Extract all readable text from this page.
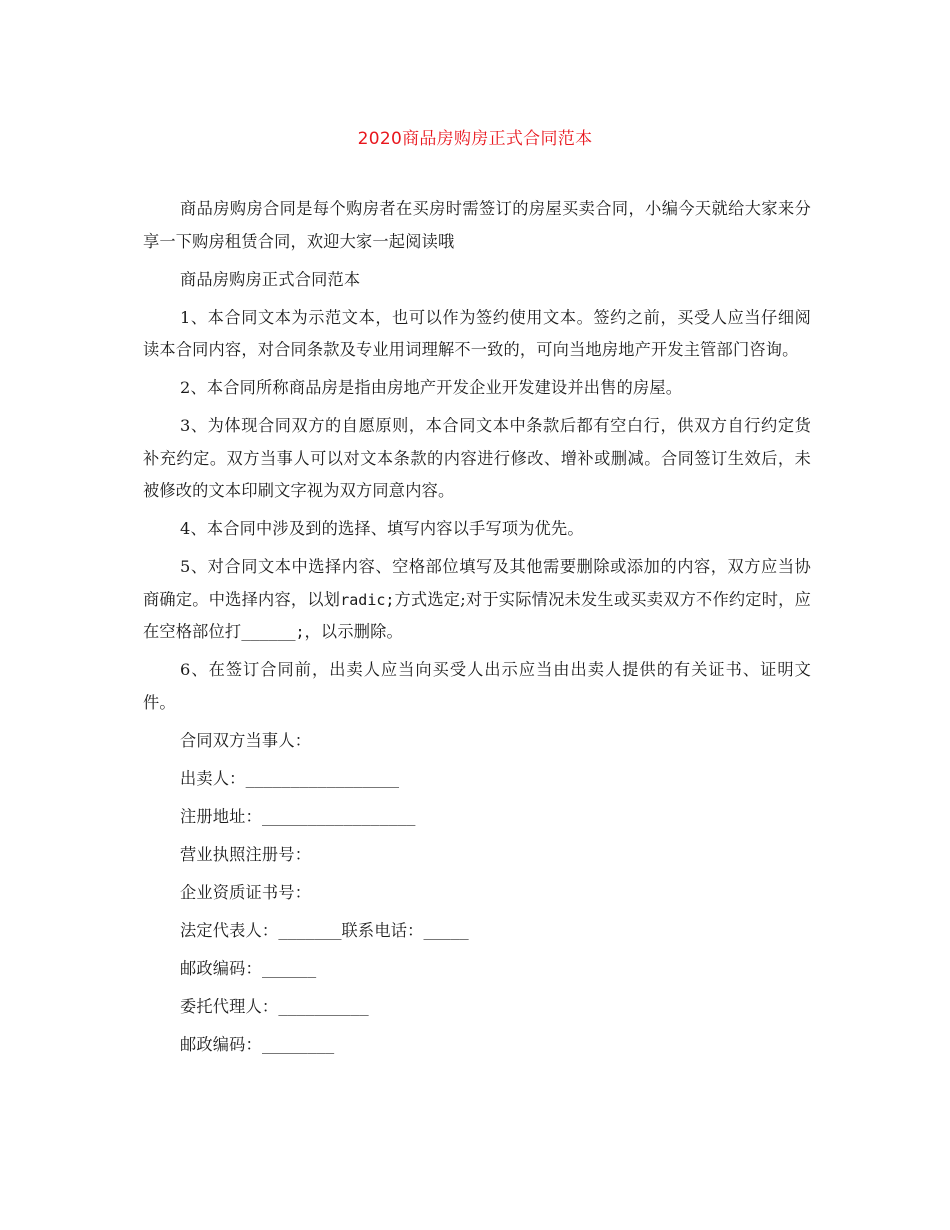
2020商品房购房正式合同范本

商品房购房合同是每个购房者在买房时需签订的房屋买卖合同，小编今天就给大家来分享一下购房租赁合同，欢迎大家一起阅读哦

商品房购房正式合同范本

1、本合同文本为示范文本，也可以作为签约使用文本。签约之前，买受人应当仔细阅读本合同内容，对合同条款及专业用词理解不一致的，可向当地房地产开发主管部门咨询。

2、本合同所称商品房是指由房地产开发企业开发建设并出售的房屋。

3、为体现合同双方的自愿原则，本合同文本中条款后都有空白行，供双方自行约定货补充约定。双方当事人可以对文本条款的内容进行修改、增补或删减。合同签订生效后，未被修改的文本印刷文字视为双方同意内容。

4、本合同中涉及到的选择、填写内容以手写项为优先。

5、对合同文本中选择内容、空格部位填写及其他需要删除或添加的内容，双方应当协商确定。中选择内容，以划radic;方式选定;对于实际情况未发生或买卖双方不作约定时，应在空格部位打______;，以示删除。

6、在签订合同前，出卖人应当向买受人出示应当由出卖人提供的有关证书、证明文件。

合同双方当事人：
出卖人：_________________
注册地址：_________________
营业执照注册号：
企业资质证书号：
法定代表人：_______联系电话：_____
邮政编码：______
委托代理人：__________
邮政编码：________
